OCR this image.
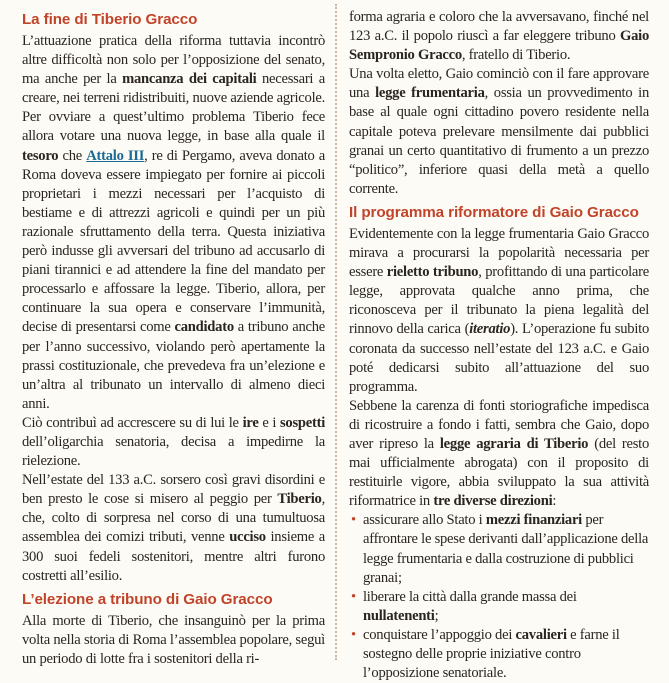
La fine di Tiberio Gracco

L’attuazione pratica della riforma tuttavia incontrò altre difficoltà non solo per l’opposizione del senato, ma anche per la mancanza dei capitali necessari a creare, nei terreni ridistribuiti, nuove aziende agricole. Per ovviare a quest’ultimo problema Tiberio fece allora votare una nuova legge, in base alla quale il tesoro che Attalo III, re di Pergamo, aveva donato a Roma doveva essere impiegato per fornire ai piccoli proprietari i mezzi necessari per l’acquisto di bestiame e di attrezzi agricoli e quindi per un più razionale sfruttamento della terra. Questa iniziativa però indusse gli avversari del tribuno ad accusarlo di piani tirannici e ad attendere la fine del mandato per processarlo e affossare la legge. Tiberio, allora, per continuare la sua opera e conservare l’immunità, decise di presentarsi come candidato a tribuno anche per l’anno successivo, violando però apertamente la prassi costituzionale, che prevedeva fra un’elezione e un’altra al tribunato un intervallo di almeno dieci anni.

Ciò contribuì ad accrescere su di lui le ire e i sospetti dell’oligarchia senatoria, decisa a impedirne la rielezione.

Nell’estate del 133 a.C. sorsero così gravi disordini e ben presto le cose si misero al peggio per Tiberio, che, colto di sorpresa nel corso di una tumultuosa assemblea dei comizi tributi, venne ucciso insieme a 300 suoi fedeli sostenitori, mentre altri furono costretti all’esilio.

L’elezione a tribuno di Gaio Gracco

Alla morte di Tiberio, che insanguinò per la prima volta nella storia di Roma l’assemblea popolare, seguì un periodo di lotte fra i sostenitori della ri-

forma agraria e coloro che la avversavano, finché nel 123 a.C. il popolo riuscì a far eleggere tribuno Gaio Sempronio Gracco, fratello di Tiberio.

Una volta eletto, Gaio cominciò con il fare approvare una legge frumentaria, ossia un provvedimento in base al quale ogni cittadino povero residente nella capitale poteva prelevare mensilmente dai pubblici granai un certo quantitativo di frumento a un prezzo “politico”, inferiore quasi della metà a quello corrente.

Il programma riformatore di Gaio Gracco

Evidentemente con la legge frumentaria Gaio Gracco mirava a procurarsi la popolarità necessaria per essere rieletto tribuno, profittando di una particolare legge, approvata qualche anno prima, che riconosceva per il tribunato la piena legalità del rinnovo della carica (iteratio). L’operazione fu subito coronata da successo nell’estate del 123 a.C. e Gaio poté dedicarsi subito all’attuazione del suo programma.

Sebbene la carenza di fonti storiografiche impedisca di ricostruire a fondo i fatti, sembra che Gaio, dopo aver ripreso la legge agraria di Tiberio (del resto mai ufficialmente abrogata) con il proposito di restituirle vigore, abbia sviluppato la sua attività riformatrice in tre diverse direzioni:

• assicurare allo Stato i mezzi finanziari per affrontare le spese derivanti dall’applicazione della legge frumentaria e dalla costruzione di pubblici granai;
• liberare la città dalla grande massa dei nullatenenti;
• conquistare l’appoggio dei cavalieri e farne il sostegno delle proprie iniziative contro l’opposizione senatoriale.
